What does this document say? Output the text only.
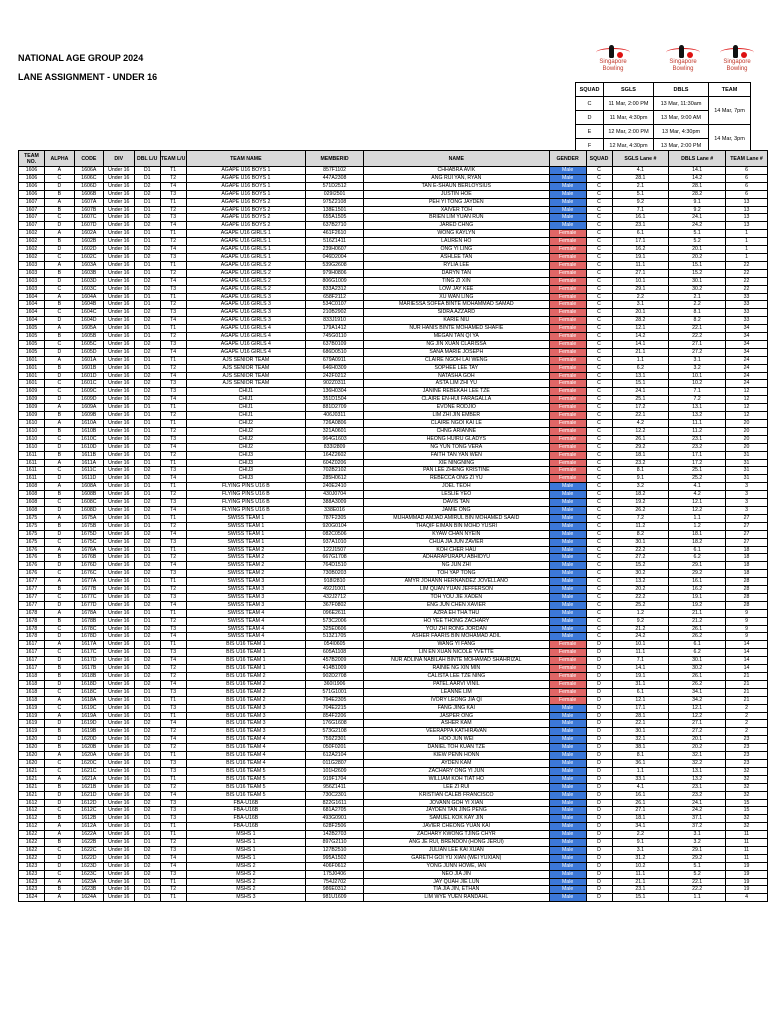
NATIONAL AGE GROUP 2024
LANE ASSIGNMENT - UNDER 16
Singapore
Bowling
Singapore
Bowling
Singapore
Bowling
SQUAD	SGLS	DBLS	TEAM
C	11 Mar, 2:00 PM	13 Mar, 11:30am	14 Mar, 7pm
D	11 Mar, 4:30pm	13 Mar, 9:00 AM	
E	12 Mar, 2:00 PM	13 Mar, 4:30pm	14 Mar, 3pm
F	12 Mar, 4:30pm	13 Mar, 2:00 PM	
TEAM NO.	ALPHA	CODE	DIV	DBL L/U	TEAM L/U	TEAM NAME	MEMBERID	NAME	GENDER	SQUAD	SGLS Lane #	DBLS Lane #	TEAM Lane #
1606	A	1606A	Under 16	D1	T1	AGAPE U16 BOYS 1	857F1102	CHHABRA AVIK	Male	C	4.1	14.1	6
1606	C	1606C	Under 16	D1	T2	AGAPE U16 BOYS 1	447A2308	ANG RUI YAN, RYAN	Male	C	28.1	14.2	6
1606	D	1606D	Under 16	D2	T4	AGAPE U16 BOYS 1	571D2512	TAN E-SHAUN BERLOYSIUS	Male	C	2.1	28.1	6
1606	B	1606B	Under 16	D2	T3	AGAPE U16 BOYS 1	029I2501	JUSTIN HOE	Male	C	5.1	28.2	6
1607	A	1607A	Under 16	D1	T1	AGAPE U16 BOYS 2	975Z2108	PEH YI TONG JAYDEN	Male	C	9.2	9.1	13
1607	B	1607B	Under 16	D1	T2	AGAPE U16 BOYS 2	138E1501	XAIVER TOH	Male	C	7.1	9.2	13
1607	C	1607C	Under 16	D2	T3	AGAPE U16 BOYS 2	655A1505	BRIEN LIM YUAN RUN	Male	C	16.1	24.1	13
1607	D	1607D	Under 16	D2	T4	AGAPE U16 BOYS 2	637B2710	JARED CHNG	Male	C	23.1	24.2	13
1602	A	1602A	Under 16	D1	T1	AGAPE U16 GIRLS 1	461F2610	WONG KAYLYN	Female	C	6.1	5.1	1
1602	B	1602B	Under 16	D1	T2	AGAPE U16 GIRLS 1	516Z1411	LAUREN HO	Female	C	17.1	5.2	1
1602	D	1602D	Under 16	D2	T4	AGAPE U16 GIRLS 1	239H0607	ONG YI LING	Female	C	16.2	20.1	1
1602	C	1602C	Under 16	D2	T3	AGAPE U16 GIRLS 1	046D2004	ASHLEE TAN	Female	C	19.1	20.2	1
1603	A	1603A	Under 16	D1	T1	AGAPE U16 GIRLS 2	539G2608	RYLIA LEE	Female	C	11.1	15.1	22
1603	B	1603B	Under 16	D1	T2	AGAPE U16 GIRLS 2	979H0806	DARYN TAN	Female	C	27.1	15.2	22
1603	D	1603D	Under 16	D2	T4	AGAPE U16 GIRLS 2	806G1009	TING ZI XIN	Female	C	10.1	30.1	22
1603	C	1603C	Under 16	D2	T3	AGAPE U16 GIRLS 2	833A2312	LOW JAY KEE	Female	C	29.1	30.2	22
1604	A	1604A	Under 16	D1	T1	AGAPE U16 GIRLS 3	658F2112	XU WAN LING	Female	C	2.2	2.1	33
1604	B	1604B	Under 16	D1	T2	AGAPE U16 GIRLS 3	534C0107	MARIESSA SOFEA BINTE MOHAMMAD SAMAD	Female	C	3.1	2.2	33
1604	C	1604C	Under 16	D2	T3	AGAPE U16 GIRLS 3	210B2902	SIDRA AZZARD	Female	C	20.1	8.1	33
1604	D	1604D	Under 16	D2	T4	AGAPE U16 GIRLS 3	833J1910	KARIE NIU	Female	C	28.2	8.2	33
1605	A	1605A	Under 16	D1	T1	AGAPE U16 GIRLS 4	179A1412	NUR HANIS BINTE MOHAMED SHAFIE	Female	C	12.1	22.1	34
1605	B	1605B	Under 16	D1	T2	AGAPE U16 GIRLS 4	745G0110	MEGAN TAN QI YA	Female	C	14.2	22.2	34
1605	C	1605C	Under 16	D2	T3	AGAPE U16 GIRLS 4	637B0109	NG JIN XUAN CLARISSA	Female	C	14.1	27.1	34
1605	D	1605D	Under 16	D2	T4	AGAPE U16 GIRLS 4	686D0510	SANA MARIE JOSEPH	Female	C	21.1	27.2	34
1601	A	1601A	Under 16	D1	T1	AJS SENIOR TEAM	679A0911	CLAIRE NGOH LAI WENG	Female	C	1.1	3.1	24
1601	B	1601B	Under 16	D1	T2	AJS SENIOR TEAM	646H0309	SOPHEE LEE TAY	Female	C	6.2	3.2	24
1601	D	1601D	Under 16	D2	T4	AJS SENIOR TEAM	242F0212	NATASHA GOH	Female	C	13.1	10.1	24
1601	C	1601C	Under 16	D2	T3	AJS SENIOR TEAM	902Z0311	ASTA LIM ZHI YU	Female	C	15.1	10.2	24
1609	C	1609C	Under 16	D2	T3	CHIJ1	136H0304	JANINE REBEKAH LEE TZE	Female	C	24.1	7.1	12
1609	D	1609D	Under 16	D2	T4	CHIJ1	351D1504	CLAIRE EN-HUI FARAGALLA	Female	C	25.1	7.2	12
1609	A	1609A	Under 16	D1	T1	CHIJ1	881D2709	EVONE RODJIO	Female	C	17.2	13.1	12
1609	B	1609B	Under 16	D1	T2	CHIJ1	406J0311	LIM ZHI JIN EMBER	Female	C	22.1	13.2	12
1610	A	1610A	Under 16	D1	T1	CHIJ2	726A0806	CLAIRE NGOI KAI LE	Female	C	4.2	11.1	20
1610	B	1610B	Under 16	D1	T2	CHIJ2	321A0601	CHNG ARIANNE	Female	C	12.2	11.2	20
1610	C	1610C	Under 16	D2	T3	CHIJ2	964G1603	HEONG HUIRU GLADYS	Female	C	26.1	23.1	20
1610	D	1610D	Under 16	D2	T4	CHIJ2	833I2809	NG YUN TONG VERA	Female	C	29.2	23.2	20
1611	B	1611B	Under 16	D1	T2	CHIJ3	164Z2602	FAITH TAN YAN WEN	Female	C	18.1	17.1	31
1611	A	1611A	Under 16	D1	T1	CHIJ3	604Z0206	XIE NINGNING	Female	C	23.2	17.2	31
1611	C	1611C	Under 16	D2	T3	CHIJ3	702B2102	PAN LEE ZHENG KRISTINE	Female	C	8.1	25.1	31
1611	D	1611D	Under 16	D2	T4	CHIJ3	285H0612	REBECCA ONG ZI YU	Female	C	9.1	25.2	31
1608	A	1608A	Under 16	D1	T1	FLYING PINS U16 B	240E2410	JOEL TEOH	Male	C	3.2	4.1	3
1608	B	1608B	Under 16	D1	T2	FLYING PINS U16 B	430J0704	LESLIE YEO	Male	C	18.2	4.2	3
1608	C	1608C	Under 16	D2	T3	FLYING PINS U16 B	388A3009	DAVIS TAN	Male	C	19.2	12.1	3
1608	D	1608D	Under 16	D2	T4	FLYING PINS U16 B	338E016	JAMIE ONG	Male	C	26.2	12.2	3
1675	A	1675A	Under 16	D1	T1	SWISS TEAM 1	787F2305	MUHAMMAD AMJAD AMIRUL BIN MOHAMED SAAID	Male	C	7.2	1.1	27
1675	B	1675B	Under 16	D1	T2	SWISS TEAM 1	920G0104	THAQIF EIMAN BIN MOHD YUSRI	Male	C	11.2	1.2	27
1675	D	1675D	Under 16	D2	T4	SWISS TEAM 1	082C0506	KYAW CHAN NYEIN	Male	C	8.2	18.1	27
1675	C	1675C	Under 16	D2	T3	SWISS TEAM 1	937A1010	CHUA JIA JUN ZAVIER	Male	C	30.1	18.2	27
1676	A	1676A	Under 16	D1	T1	SWISS TEAM 2	122J1507	KOH CHER HAU	Male	C	22.2	6.1	18
1676	B	1676B	Under 16	D1	T2	SWISS TEAM 2	667G1708	ADHARAPURAPU ABHIDYU	Male	C	27.2	6.2	18
1676	D	1676D	Under 16	D2	T4	SWISS TEAM 2	764D1510	NG JUN ZHI	Male	C	15.2	29.1	18
1676	C	1676C	Under 16	D2	T3	SWISS TEAM 2	730B0203	TOH YAP TONG	Male	C	30.2	29.2	18
1677	A	1677A	Under 16	D1	T1	SWISS TEAM 3	918I2810	AMYR JOHANN HERNANDEZ JOVELLANO	Male	C	13.2	16.1	28
1677	B	1677B	Under 16	D1	T2	SWISS TEAM 3	492J1001	LIM QUAN YUAN JEFFERSON	Male	C	20.2	16.2	28
1677	C	1677C	Under 16	D2	T3	SWISS TEAM 3	432J2712	TOH YOU JIE XADEN	Male	C	22.2	19.1	28
1677	D	1677D	Under 16	D2	T4	SWISS TEAM 3	367F0802	ENG JUN CHEN XAVIER	Male	C	25.2	19.2	28
1678	A	1678A	Under 16	D1	T1	SWISS TEAM 4	096E2611	AZRA EH THA THU	Male	C	1.2	21.1	9
1678	B	1678B	Under 16	D1	T2	SWISS TEAM 4	573C2006	HO YEE THONG ZACHARY	Male	C	9.2	21.2	9
1678	C	1678C	Under 16	D2	T3	SWISS TEAM 4	325E0606	YOU ZHI RONG JORDAN	Male	C	21.2	26.1	9
1678	D	1678D	Under 16	D2	T4	SWISS TEAM 4	513Z1705	ASHER FAARIS BIN MOHAMAD ADIL	Male	C	24.2	26.2	9
1617	A	1617A	Under 16	D1	T1	BIS U16 TEAM 1	054I0605	WANG YI FANG	Female	D	10.1	6.1	14
1617	C	1617C	Under 16	D1	T3	BIS U16 TEAM 1	605A1108	LIN EN XUAN NICOLE YVETTE	Female	D	11.1	6.2	14
1617	D	1617D	Under 16	D2	T4	BIS U16 TEAM 1	457B2009	NUR ADLINA NABILAH BINTE MOHAMAD SHAHRIZAL	Female	D	7.1	30.1	14
1617	B	1617B	Under 16	D2	T2	BIS U16 TEAM 1	414B1009	RAINIE NG XIN MIN	Female	D	14.1	30.2	14
1618	B	1618B	Under 16	D2	T2	BIS U16 TEAM 2	902D2708	CALISTA LEE TZE NING	Female	D	19.1	26.1	21
1618	D	1618D	Under 16	D2	T4	BIS U16 TEAM 2	360I1906	PATEL AARVI VINIL	Female	D	31.1	26.2	21
1618	C	1618C	Under 16	D1	T3	BIS U16 TEAM 2	571G1001	LEANNE LIM	Female	D	6.1	34.1	21
1618	A	1618A	Under 16	D1	T1	BIS U16 TEAM 2	794E2305	IVORY LEONG JIA QI	Female	D	12.1	34.2	21
1619	C	1619C	Under 16	D1	T3	BIS U16 TEAM 3	704E2215	FANG JING KAI	Male	D	17.1	12.1	2
1619	A	1619A	Under 16	D1	T1	BIS U16 TEAM 3	854F2206	JASPER ONG	Male	D	28.1	12.2	2
1619	D	1619D	Under 16	D2	T4	BIS U16 TEAM 3	176G1608	ASHER KAM	Male	D	22.1	27.1	2
1619	B	1619B	Under 16	D2	T2	BIS U16 TEAM 3	573G2108	VEERAPPA KATHIRAVAN	Male	D	30.1	27.2	2
1620	D	1620D	Under 16	D2	T4	BIS U16 TEAM 4	759Z2301	HOO JUN WEI	Male	D	32.1	20.1	23
1620	B	1620B	Under 16	D2	T2	BIS U16 TEAM 4	050F0201	DANIEL TOH KUAN TZE	Male	D	38.1	20.2	23
1620	A	1620A	Under 16	D1	T1	BIS U16 TEAM 4	612A2104	KIEW PENN HONN	Male	D	8.1	32.1	23
1620	C	1620C	Under 16	D1	T3	BIS U16 TEAM 4	011G2807	AYDEN KAM	Male	D	36.1	32.2	23
1621	C	1621C	Under 16	D1	T3	BIS U16 TEAM 5	101H2609	ZACHARY ONG YI JUN	Male	D	1.1	13.1	32
1621	A	1621A	Under 16	D1	T1	BIS U16 TEAM 5	919F1704	WILLIAM KOH TIAT HO	Male	D	33.1	13.2	32
1621	B	1621B	Under 16	D2	T2	BIS U16 TEAM 5	956Z1411	LEE ZI RUI	Male	D	4.1	23.1	32
1621	D	1621D	Under 16	D2	T4	BIS U16 TEAM 5	730C2301	KRISTIAN CALEB FRANCISCO	Male	D	16.1	23.2	32
1612	D	1612D	Under 16	D2	T3	FBA-U16B	822G1611	JOVANN GOH YI XIAN	Male	D	26.1	24.1	15
1612	C	1612C	Under 16	D2	T3	FBA-U16B	681A2705	JAYDEN TAN JING PENG	Male	D	27.1	24.2	15
1612	B	1612B	Under 16	D1	T3	FBA-U16B	493G0901	SAMUEL KOK KAY JIN	Male	D	18.1	37.1	32
1612	A	1612A	Under 16	D1	T1	FBA-U16B	628F2506	JAVIER CHEONG YUAN KAI	Male	D	34.1	37.2	32
1622	A	1622A	Under 16	D1	T1	MSHS 1	142B2703	ZACHARY KWONG TJING CHYR	Male	D	2.2	3.1	11
1622	B	1622B	Under 16	D1	T2	MSHS 1	897G2110	ANG JE RUI, BRENDON (HONG JERUI)	Male	D	9.1	3.2	11
1622	C	1622C	Under 16	D2	T3	MSHS 1	127B2510	JULIAN LEE KAI XUAN	Male	D	3.1	29.1	11
1622	D	1622D	Under 16	D2	T4	MSHS 1	995A1502	GARETH GOI YU XIAN (WEI YUXIAN)	Male	D	31.2	29.2	11
1623	D	1623D	Under 16	D2	T4	MSHS 2	406F0612	YONG JUNN HOWE, IAN	Male	D	10.2	5.1	19
1623	C	1623C	Under 16	D2	T3	MSHS 2	175J0406	NEO JIA JIN	Male	D	11.1	5.2	19
1623	A	1623A	Under 16	D1	T1	MSHS 2	754J2702	JAY QUAH JIE LUN	Male	D	21.1	22.1	19
1623	B	1623B	Under 16	D1	T2	MSHS 2	986E0312	TIA JIA JIN, ETHAN	Male	D	23.1	22.2	19
1624	A	1624A	Under 16	D1	T1	MSHS 3	981U1609	LIM WYE YUEN RANDAHL	Male	D	15.1	1.1	4
